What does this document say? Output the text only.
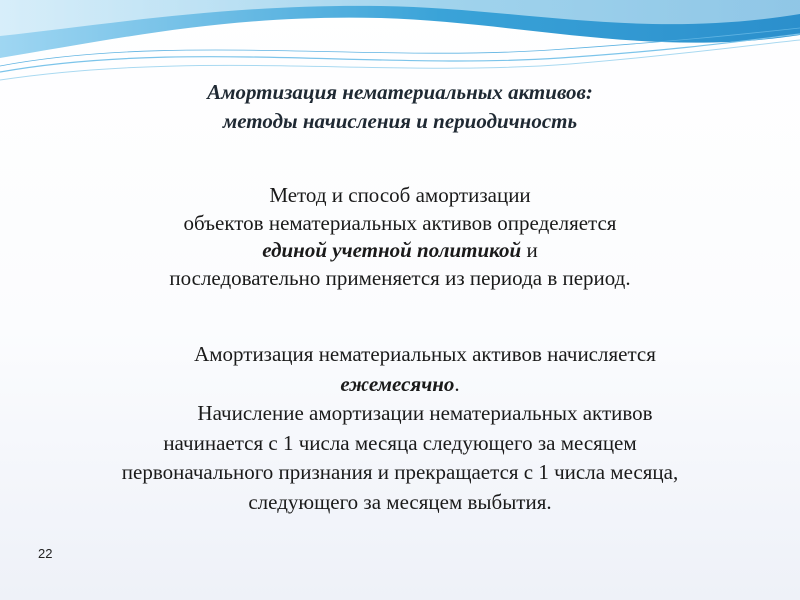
Амортизация нематериальных активов:
методы начисления и периодичность
Метод и способ амортизации
объектов нематериальных активов определяется
единой учетной политикой и
последовательно применяется из периода в период.
Амортизация нематериальных активов начисляется
ежемесячно.
Начисление амортизации нематериальных активов
начинается с 1 числа месяца следующего за месяцем
первоначального признания и прекращается с 1 числа месяца,
следующего за месяцем выбытия.
22
